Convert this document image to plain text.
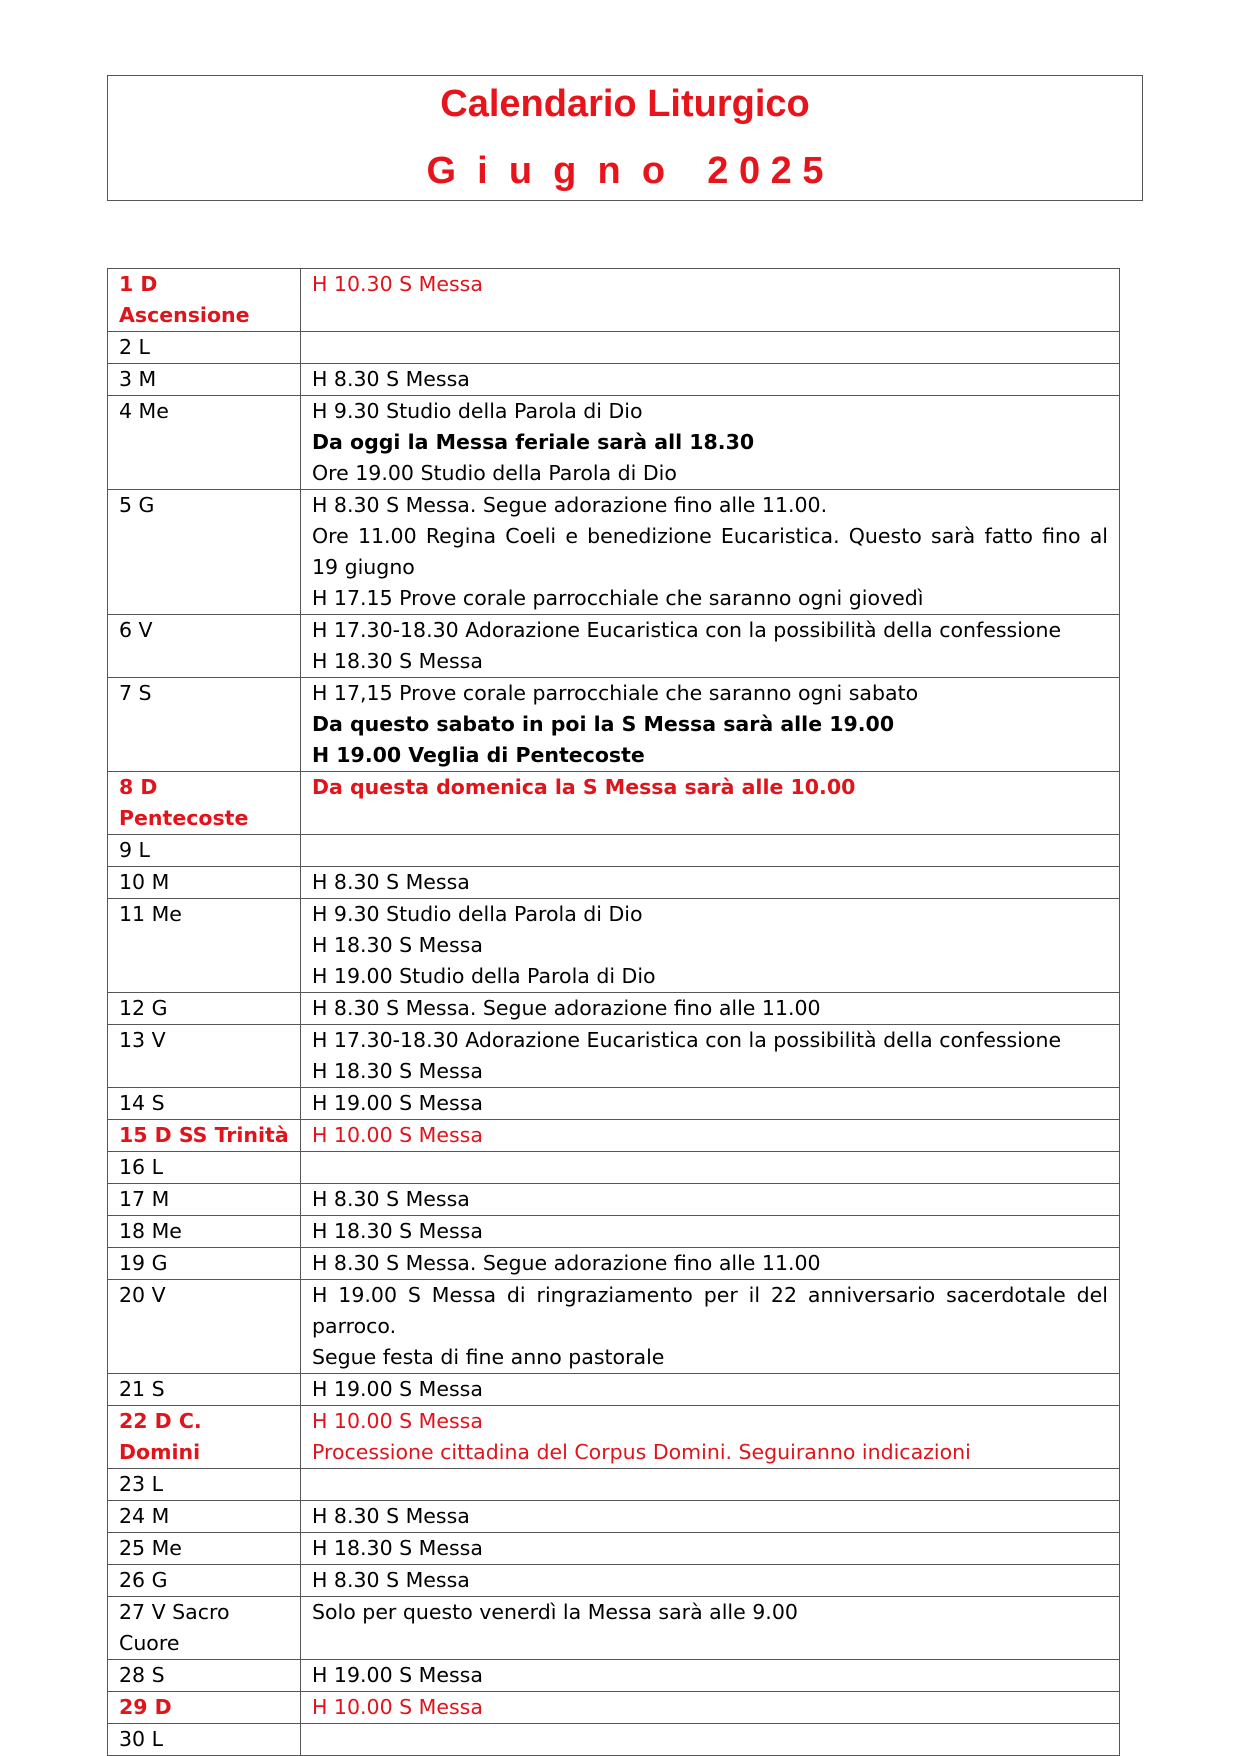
Calendario Liturgico
G  i  u  g  n  o    2 0 2 5
1 D Ascensione	H 10.30 S Messa

2 L	
3 M	H 8.30 S Messa

4 Me	H 9.30 Studio della Parola di Dio
Da oggi la Messa feriale sarà all 18.30
Ore 19.00 Studio della Parola di Dio

5 G	H 8.30 S Messa. Segue adorazione fino alle 11.00.
Ore 11.00 Regina Coeli e benedizione Eucaristica. Questo sarà fatto fino al 19 giugno
H 17.15 Prove corale parrocchiale che saranno ogni giovedì

6 V	H 17.30-18.30 Adorazione Eucaristica con la possibilità della confessione
H 18.30 S Messa

7 S	H 17,15 Prove corale parrocchiale che saranno ogni sabato
Da questo sabato in poi la S Messa sarà alle 19.00
H 19.00 Veglia di Pentecoste

8 D Pentecoste	Da questa domenica la S Messa sarà alle 10.00

9 L	
10 M	H 8.30 S Messa

11 Me	H 9.30 Studio della Parola di Dio
H 18.30 S Messa
H 19.00 Studio della Parola di Dio

12 G	H 8.30 S Messa. Segue adorazione fino alle 11.00

13 V	H 17.30-18.30 Adorazione Eucaristica con la possibilità della confessione
H 18.30 S Messa

14 S	H 19.00 S Messa

15 D SS Trinità	H 10.00 S Messa

16 L	
17 M	H 8.30 S Messa

18 Me	H 18.30 S Messa

19 G	H 8.30 S Messa. Segue adorazione fino alle 11.00

20 V	H 19.00 S Messa di ringraziamento per il 22 anniversario sacerdotale del parroco.
Segue festa di fine anno pastorale

21 S	H 19.00 S Messa

22 D C. Domini	H 10.00 S Messa
Processione cittadina del Corpus Domini. Seguiranno indicazioni

23 L	
24 M	H 8.30 S Messa

25 Me	H 18.30 S Messa

26 G	H 8.30 S Messa

27 V Sacro Cuore	Solo per questo venerdì la Messa sarà alle 9.00

28 S	H 19.00 S Messa

29 D	H 10.00 S Messa

30 L	
